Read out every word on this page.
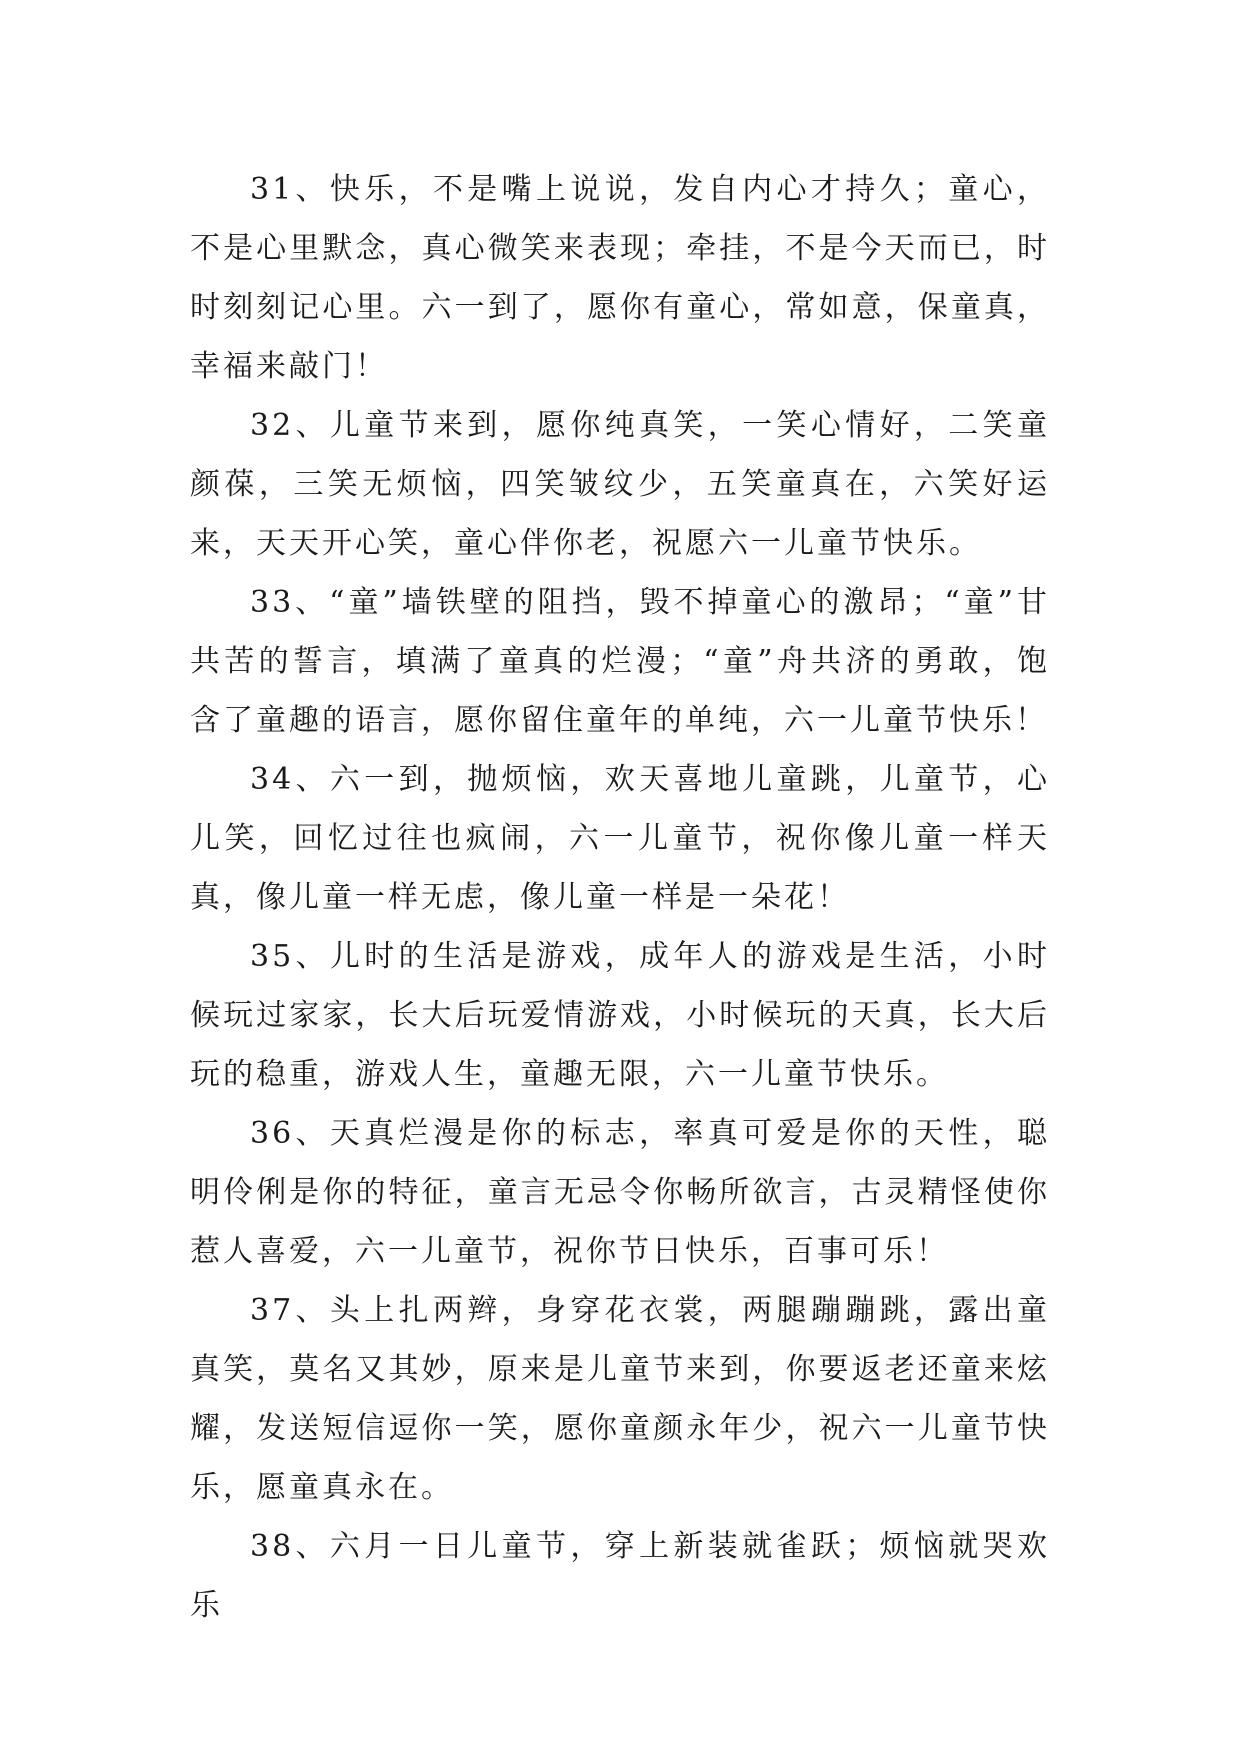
31、快乐，不是嘴上说说，发自内心才持久；童心，不是心里默念，真心微笑来表现；牵挂，不是今天而已，时时刻刻记心里。六一到了，愿你有童心，常如意，保童真，幸福来敲门！

32、儿童节来到，愿你纯真笑，一笑心情好，二笑童颜葆，三笑无烦恼，四笑皱纹少，五笑童真在，六笑好运来，天天开心笑，童心伴你老，祝愿六一儿童节快乐。

33、“童”墙铁壁的阻挡，毁不掉童心的激昂；“童”甘共苦的誓言，填满了童真的烂漫；“童”舟共济的勇敢，饱含了童趣的语言，愿你留住童年的单纯，六一儿童节快乐！

34、六一到，抛烦恼，欢天喜地儿童跳，儿童节，心儿笑，回忆过往也疯闹，六一儿童节，祝你像儿童一样天真，像儿童一样无虑，像儿童一样是一朵花！

35、儿时的生活是游戏，成年人的游戏是生活，小时候玩过家家，长大后玩爱情游戏，小时候玩的天真，长大后玩的稳重，游戏人生，童趣无限，六一儿童节快乐。

36、天真烂漫是你的标志，率真可爱是你的天性，聪明伶俐是你的特征，童言无忌令你畅所欲言，古灵精怪使你惹人喜爱，六一儿童节，祝你节日快乐，百事可乐！

37、头上扎两辫，身穿花衣裳，两腿蹦蹦跳，露出童真笑，莫名又其妙，原来是儿童节来到，你要返老还童来炫耀，发送短信逗你一笑，愿你童颜永年少，祝六一儿童节快乐，愿童真永在。

38、六月一日儿童节，穿上新装就雀跃；烦恼就哭欢乐
